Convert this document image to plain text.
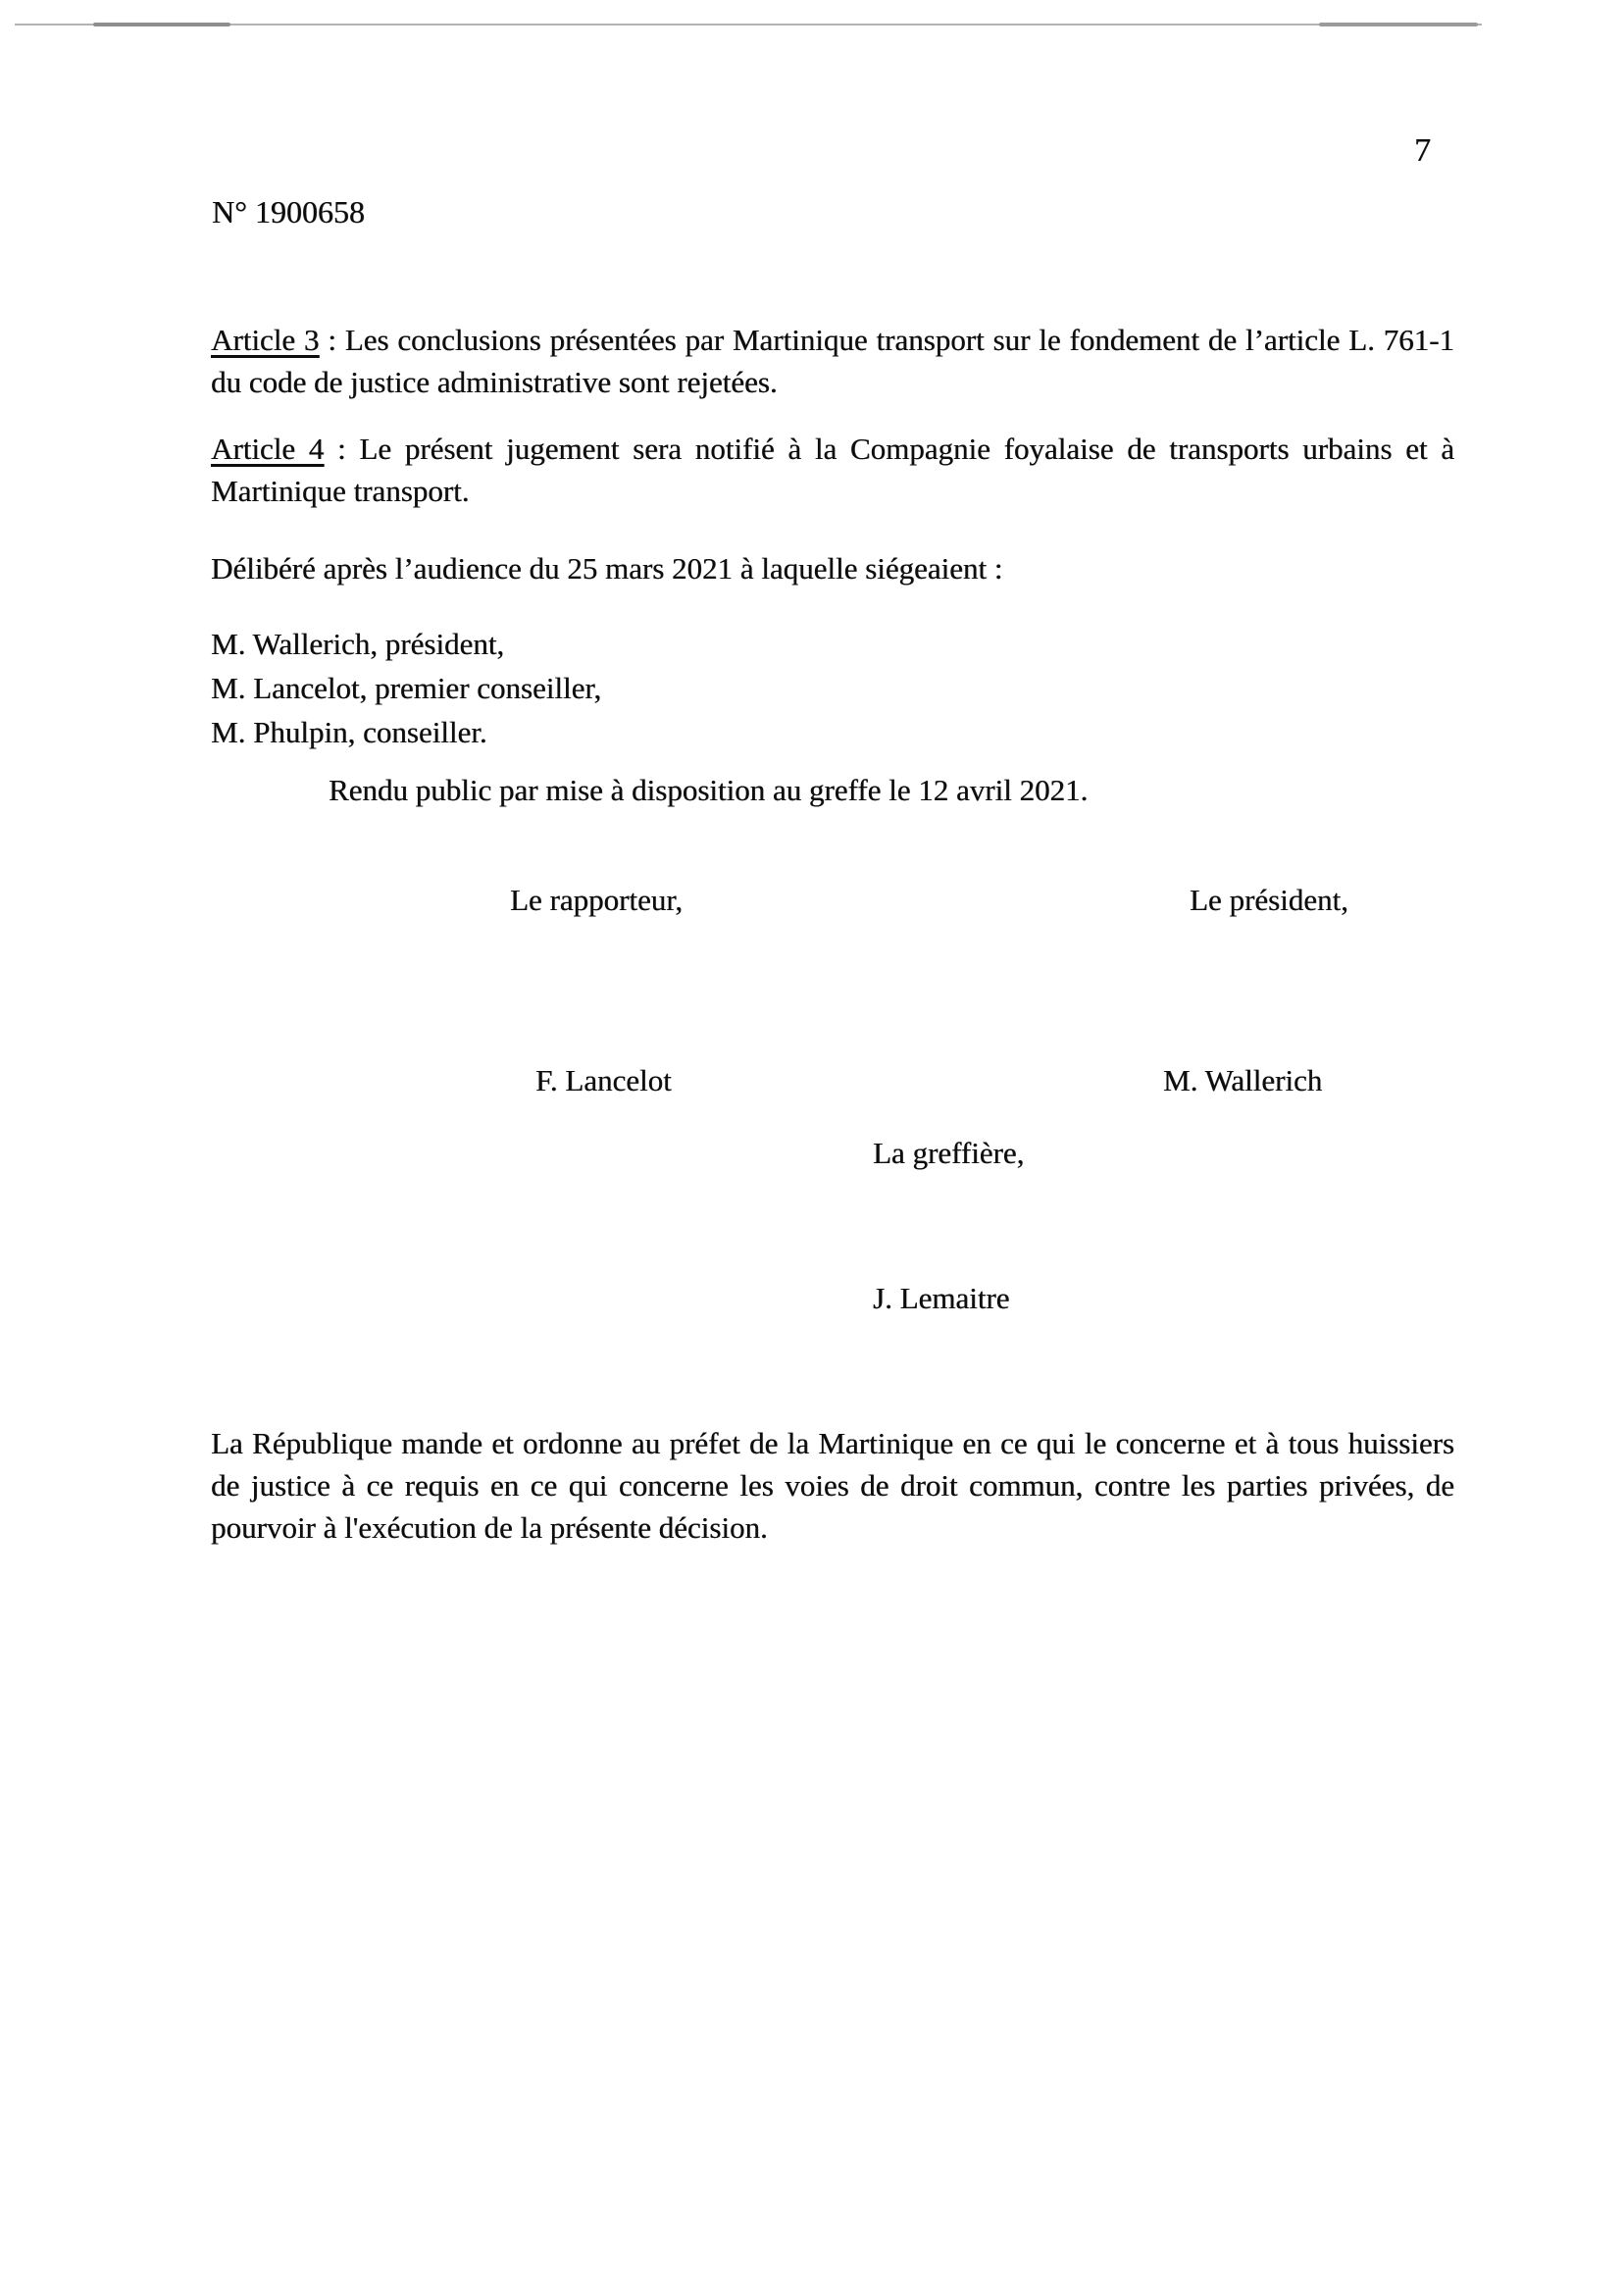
7
N° 1900658

Article 3 : Les conclusions présentées par Martinique transport sur le fondement de l’article L. 761-1 du code de justice administrative sont rejetées.

Article 4 : Le présent jugement sera notifié à la Compagnie foyalaise de transports urbains et à Martinique transport.

Délibéré après l’audience du 25 mars 2021 à laquelle siégeaient :
M. Wallerich, président,
M. Lancelot, premier conseiller,
M. Phulpin, conseiller.
Rendu public par mise à disposition au greffe le 12 avril 2021.
Le rapporteur,	Le président,
F. Lancelot	M. Wallerich
La greffière,
J. Lemaitre

La République mande et ordonne au préfet de la Martinique en ce qui le concerne et à tous huissiers de justice à ce requis en ce qui concerne les voies de droit commun, contre les parties privées, de pourvoir à l'exécution de la présente décision.
